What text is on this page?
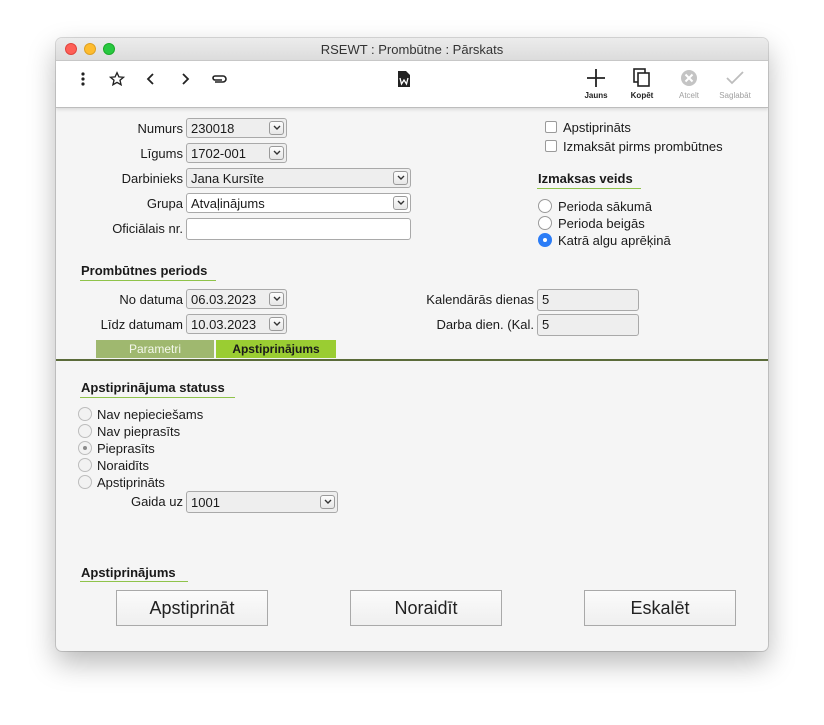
RSEWT : Prombūtne : Pārskats
Jauns	Kopēt	Atcelt	Saglabāt
Numurs 230018
Līgums 1702-001
Darbinieks Jana Kursīte
Grupa Atvaļinājums
Oficiālais nr.
Apstiprināts
Izmaksāt pirms prombūtnes
Izmaksas veids
Perioda sākumā
Perioda beigās
Katrā algu aprēķinā
Prombūtnes periods
No datuma 06.03.2023
Līdz datumam 10.03.2023
Kalendārās dienas 5
Darba dien. (Kal. 5
Parametri	Apstiprinājums
Apstiprinājuma statuss
Nav nepieciešams
Nav pieprasīts
Pieprasīts
Noraidīts
Apstiprināts
Gaida uz 1001
Apstiprinājums
Apstiprināt	Noraidīt	Eskalēt
